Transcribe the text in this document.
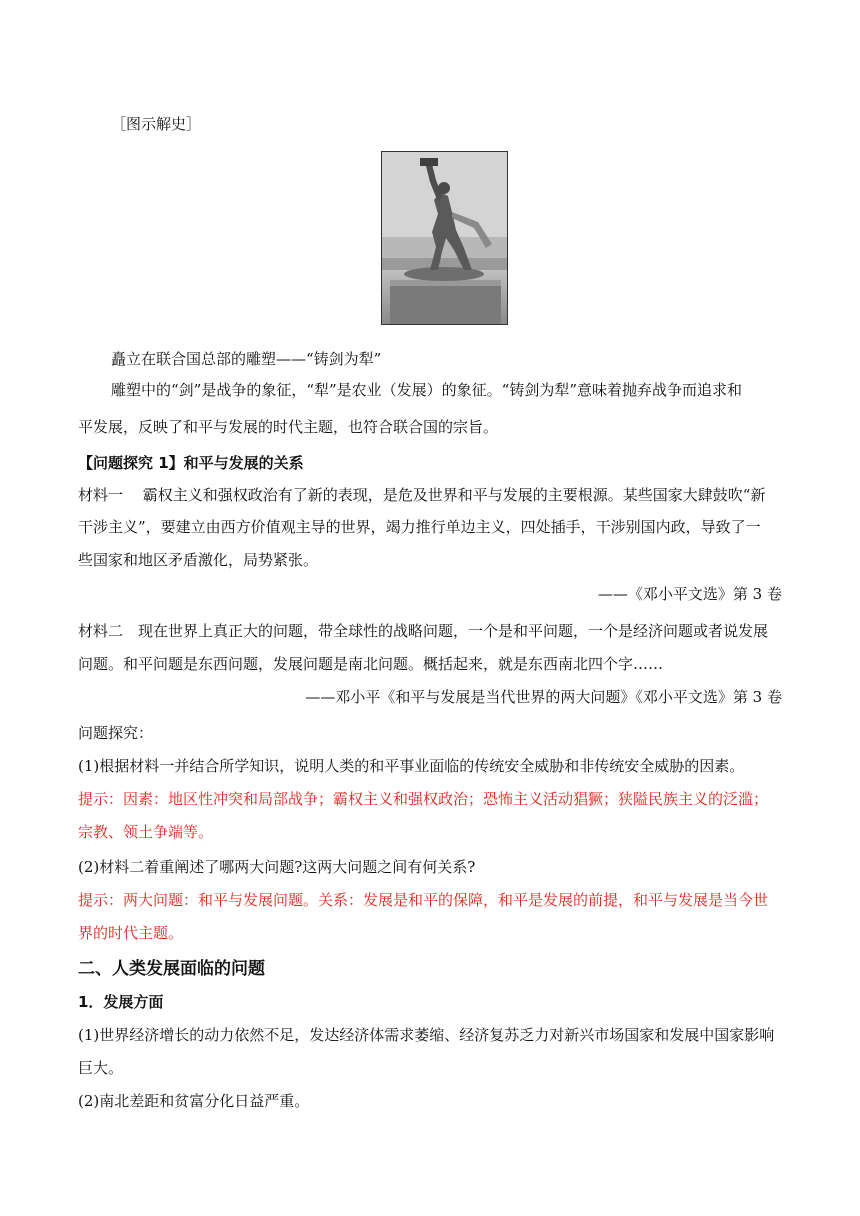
［图示解史］
矗立在联合国总部的雕塑——“铸剑为犁”
雕塑中的“剑”是战争的象征，“犁”是农业（发展）的象征。“铸剑为犁”意味着抛弃战争而追求和
平发展，反映了和平与发展的时代主题，也符合联合国的宗旨。
【问题探究 1】和平与发展的关系
材料一　 霸权主义和强权政治有了新的表现，是危及世界和平与发展的主要根源。某些国家大肆鼓吹“新
干涉主义”，要建立由西方价值观主导的世界，竭力推行单边主义，四处插手，干涉别国内政，导致了一
些国家和地区矛盾激化，局势紧张。
——《邓小平文选》第 3 卷
材料二　现在世界上真正大的问题，带全球性的战略问题，一个是和平问题，一个是经济问题或者说发展
问题。和平问题是东西问题，发展问题是南北问题。概括起来，就是东西南北四个字……
——邓小平《和平与发展是当代世界的两大问题》《邓小平文选》第 3 卷
问题探究：
(1)根据材料一并结合所学知识，说明人类的和平事业面临的传统安全威胁和非传统安全威胁的因素。
提示：因素：地区性冲突和局部战争；霸权主义和强权政治；恐怖主义活动猖獗；狭隘民族主义的泛滥；
宗教、领土争端等。
(2)材料二着重阐述了哪两大问题?这两大问题之间有何关系?
提示：两大问题：和平与发展问题。关系：发展是和平的保障，和平是发展的前提，和平与发展是当今世
界的时代主题。
二、人类发展面临的问题
1．发展方面
(1)世界经济增长的动力依然不足，发达经济体需求萎缩、经济复苏乏力对新兴市场国家和发展中国家影响
巨大。
(2)南北差距和贫富分化日益严重。
